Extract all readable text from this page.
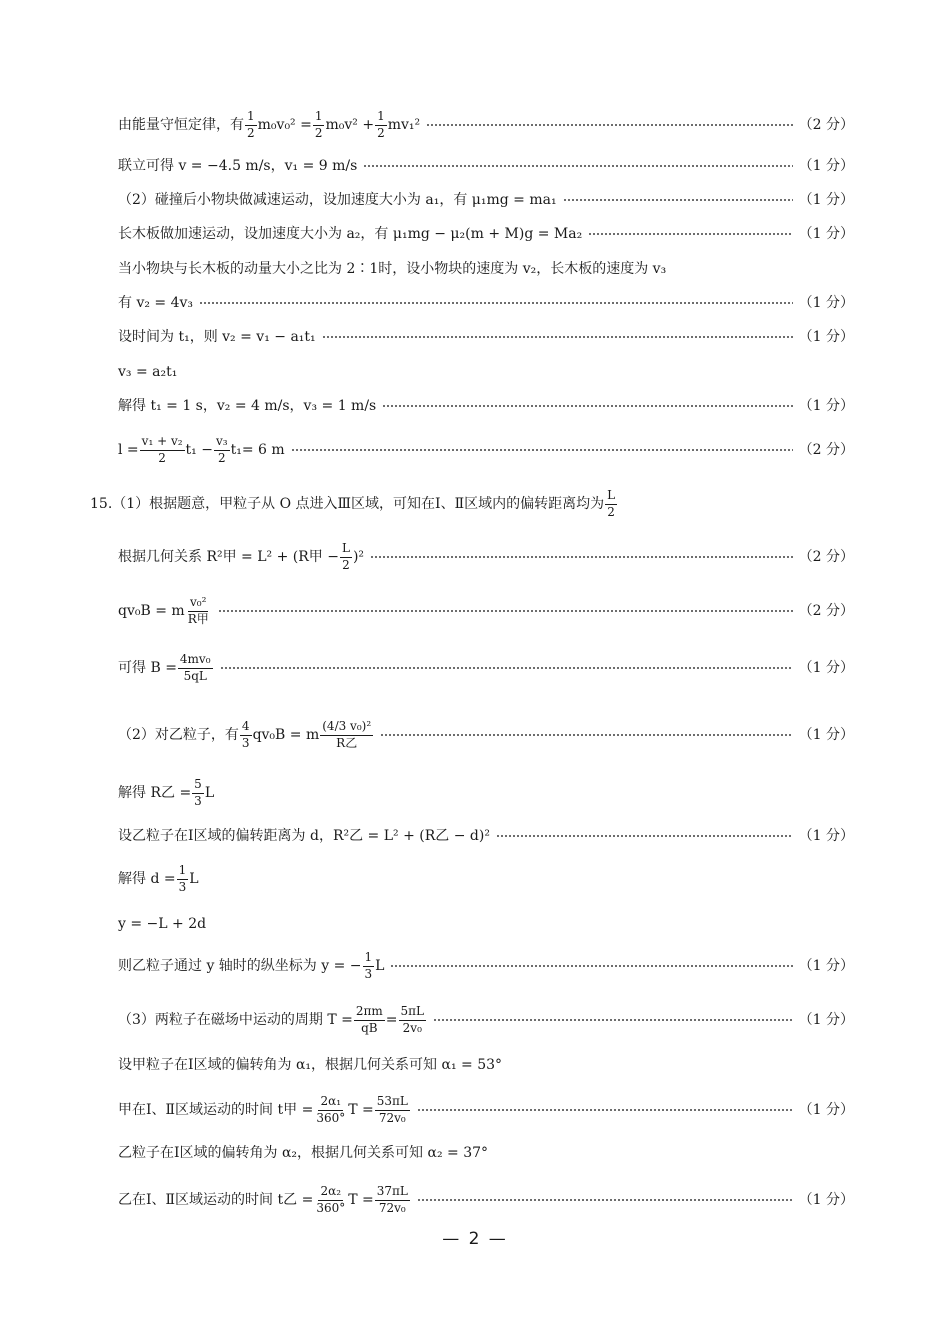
由能量守恒定律，有 $\frac{1}{2} m_0v_0^2 = \frac{1}{2} m_0v^2 + \frac{1}{2} mv_1^2$	（2 分）
联立可得 v = −4.5 m/s，v₁ = 9 m/s	（1 分）
（2）碰撞后小物块做减速运动，设加速度大小为 a₁，有 μ₁mg = ma₁	（1 分）
长木板做加速运动，设加速度大小为 a₂，有 μ₁mg − μ₂(m + M)g = Ma₂	（1 分）
当小物块与长木板的动量大小之比为 2∶1时，设小物块的速度为 v₂，长木板的速度为 v₃
有 v₂ = 4v₃	（1 分）
设时间为 t₁，则 v₂ = v₁ − a₁t₁	（1 分）
v₃ = a₂t₁
解得 t₁ = 1 s，v₂ = 4 m/s，v₃ = 1 m/s	（1 分）
$l = \frac{\text{v₁ + v₂}}{2} t_1 - \frac{\text{v₃}}{2} t_1 = 6$ m	（2 分）
15.（1）根据题意，甲粒子从 O 点进入Ⅲ区域，可知在Ⅰ、Ⅱ区域内的偏转距离均为 $\frac{L}{2}$
根据几何关系 R²甲 = L² + (R甲 − $\frac{L}{2} )^2$	（2 分）
qv₀B = m $\frac{\text{v₀²}}{\text{R甲}}$	（2 分）
可得 $B = \frac{\text{4mv₀}}{5qL}$	（1 分）
（2）对乙粒子，有 $\frac{4}{3} qv_0B = m \frac{\text{(4/3 v₀)²}}{\text{R乙}}$	（1 分）
解得 R乙 = $\frac{5}{3}$ L
设乙粒子在Ⅰ区域的偏转距离为 d，R²乙 = L² + (R乙 − d)²	（1 分）
解得 $d = \frac{1}{3}$ L
y = −L + 2d
则乙粒子通过 y 轴时的纵坐标为 y = − $\frac{1}{3}$ L	（1 分）
（3）两粒子在磁场中运动的周期 $T = \frac{2\pi m}{qB} = \frac{5\pi L}{\text{2v₀}}$	（1 分）
设甲粒子在Ⅰ区域的偏转角为 α₁，根据几何关系可知 α₁ = 53°
甲在Ⅰ、Ⅱ区域运动的时间 t甲 = $\frac{\text{2α₁}}{360^\circ}$ $T = \frac{53\pi L}{\text{72v₀}}$	（1 分）
乙粒子在Ⅰ区域的偏转角为 α₂，根据几何关系可知 α₂ = 37°
乙在Ⅰ、Ⅱ区域运动的时间 t乙 = $\frac{\text{2α₂}}{360^\circ}$ $T = \frac{37\pi L}{\text{72v₀}}$	（1 分）
— 2 —
